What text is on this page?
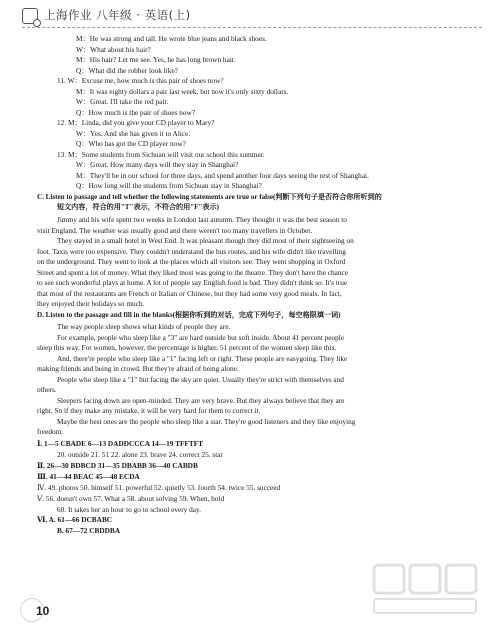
上海作业 八年级 · 英语(上)
M：He was strong and tall. He wrote blue jeans and black shoes.
W：What about his hair?
M：His hair? Let me see. Yes, he has long brown hair.
Q：What did the robber look like?
11. W：Excuse me, how much is this pair of shoes now?
M：It was eighty dollars a pair last week, but now it's only sixty dollars.
W：Great. I'll take the red pair.
Q：How much is the pair of shoes now?
12. M：Linda, did you give your CD player to Mary?
W：Yes. And she has given it to Alice.
Q：Who has got the CD player now?
13. M：Some students from Sichuan will visit our school this summer.
W：Great. How many days will they stay in Shanghai?
M：They'll be in our school for three days, and spend another four days seeing the rest of Shanghai.
Q：How long will the students from Sichuan stay in Shanghai?
C. Listen to passage and tell whether the following statements are true or false(判断下列句子是否符合你所听到的
短文内容，符合的用"T"表示，不符合的用"F"表示)
Jimmy and his wife spent two weeks in London last autumn. They thought it was the best season to
visit England. The weather was usually good and there weren't too many travellers in October.
They stayed in a small hotel in West End. It was pleasant though they did most of their sightseeing on
foot. Taxis were too expensive. They couldn't understand the bus routes, and his wife didn't like travelling
on the underground. They went to look at the places which all visitors see. They went shopping in Oxford
Street and spent a lot of money. What they liked most was going to the theatre. They don't have the chance
to see such wonderful plays at home. A lot of people say English food is bad. They didn't think so. It's true
that most of the restaurants are French or Italian or Chinese, but they had some very good meals. In fact,
they enjoyed their holidays so much.
D. Listen to the passage and fill in the blanks(根据你听到的对话，完成下列句子，每空格限填一词)
The way people sleep shows what kinds of people they are.
For example, people who sleep like a "3" are hard outside but soft inside. About 41 percent people
sleep this way. For women, however, the percentage is higher, 51 percent of the women sleep like this.
And, there're people who sleep like a "1" facing left or right. These people are easygoing. They like
making friends and being in crowd. But they're afraid of being alone.
People who sleep like a "1" but facing the sky are quiet. Usually they're strict with themselves and
others.
Sleepers facing down are open-minded. They are very brave. But they always believe that they are
right. So if they make any mistake, it will be very hard for them to correct it.
Maybe the best ones are the people who sleep like a star. They're good listeners and they like enjoying
freedom.
Ⅰ. 1—5 CBADE 6—13 DADDCCCA 14—19 TFFTFT
20. outside 21. 51 22. alone 23. brave 24. correct 25. star
Ⅱ. 26—30 BDBCD 31—35 DBABB 36—40 CABDB
Ⅲ. 41—44 BEAC 45—48 ECDA
Ⅳ. 49. photos 50. himself 51. powerful 52. quietly 53. fourth 54. twice 55. succeed
Ⅴ. 56. doesn't own 57. What a 58. about solving 59. When, hold
60. It takes her an hour to go to school every day.
Ⅵ. A. 61—66 DCBABC
B. 67—72 CBDDBA
10
